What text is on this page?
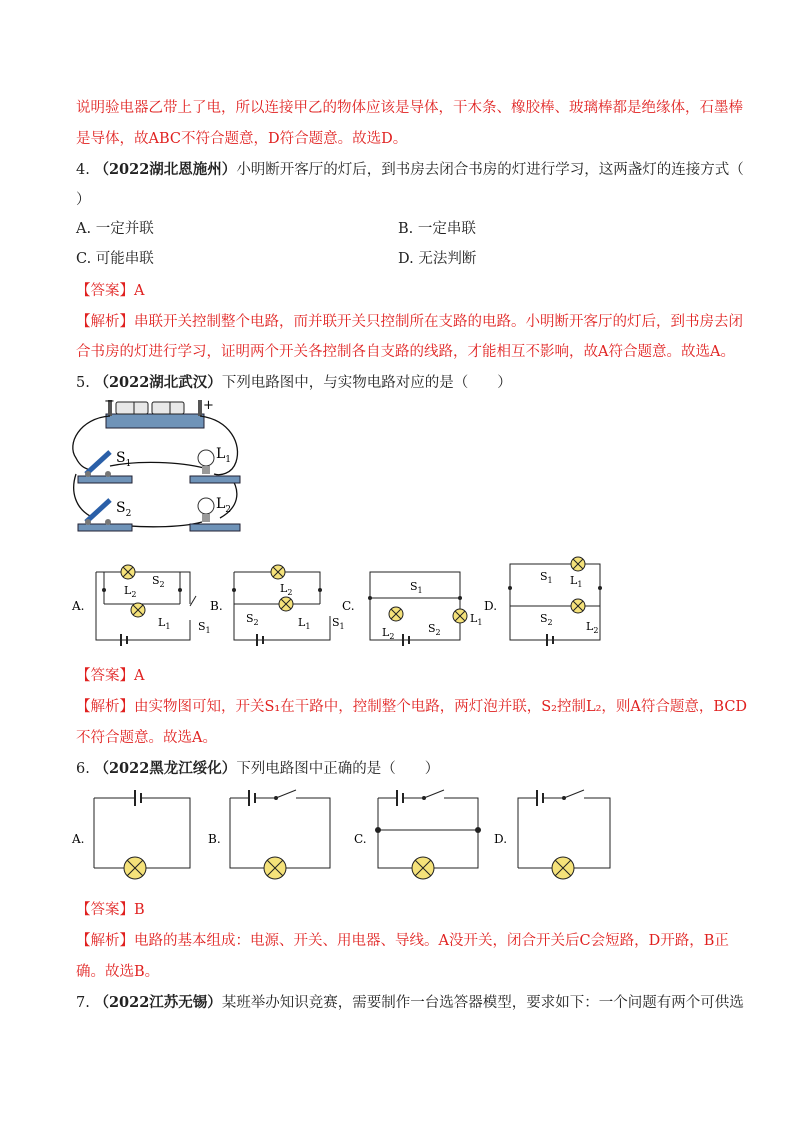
说明验电器乙带上了电，所以连接甲乙的物体应该是导体，干木条、橡胶棒、玻璃棒都是绝缘体，石墨棒
是导体，故ABC不符合题意，D符合题意。故选D。
4. （2022湖北恩施州）小明断开客厅的灯后，到书房去闭合书房的灯进行学习，这两盏灯的连接方式（
）
A. 一定并联	B. 一定串联
C. 可能串联	D. 无法判断
【答案】A
【解析】串联开关控制整个电路，而并联开关只控制所在支路的电路。小明断开客厅的灯后，到书房去闭
合书房的灯进行学习，证明两个开关各控制各自支路的线路，才能相互不影响，故A符合题意。故选A。
5. （2022湖北武汉）下列电路图中，与实物电路对应的是（　　）
−	+
$S_1$
$L_1$
$S_2$
$L_2$
A.
$S_2$
$L_2$
$L_1$	$S_1$
B.
$S_2$
$L_2$
$L_1$ $S_1$
C.
$S_1$
$L_2$
$S_2$
$L_1$
D.
$S_1$ $L_1$
$S_2$	$L_2$
【答案】A
【解析】由实物图可知，开关S₁在干路中，控制整个电路，两灯泡并联，S₂控制L₂，则A符合题意，BCD
不符合题意。故选A。
6. （2022黑龙江绥化）下列电路图中正确的是（　　）
A.	B.	C.	D.
【答案】B
【解析】电路的基本组成：电源、开关、用电器、导线。A没开关，闭合开关后C会短路，D开路，B正
确。故选B。
7. （2022江苏无锡）某班举办知识竞赛，需要制作一台选答器模型，要求如下：一个问题有两个可供选
